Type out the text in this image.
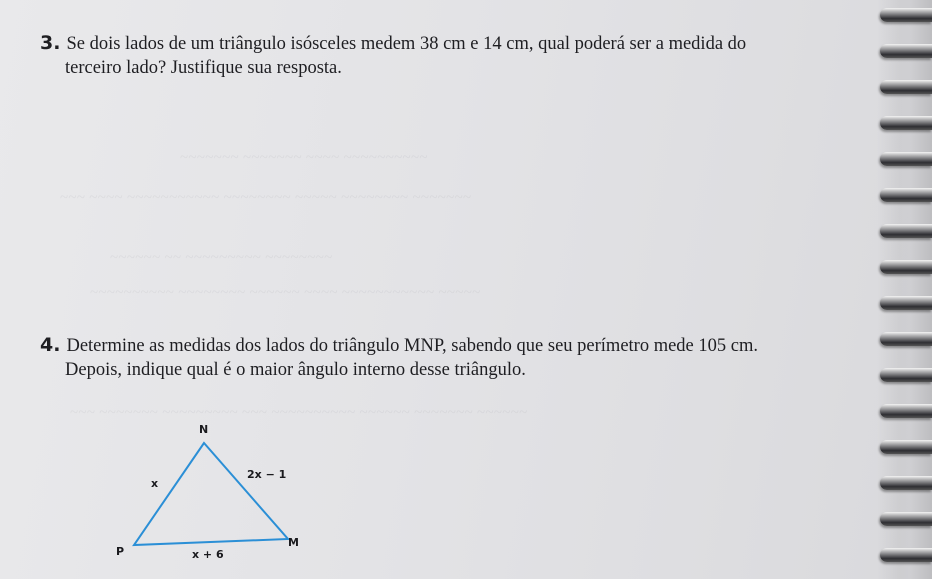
~~~~~~~ ~~~~~~~ ~~~~ ~~~~~~~~~~
~~~ ~~~~ ~~~~~~~~~~~ ~~~~~~~~ ~~~~~ ~~~~~~~~ ~~~~~~~
~~~~~~ ~~ ~~~~~~~~~ ~~~~~~~~
~~~~~~~~~~ ~~~~~~~~ ~~~~~~ ~~~~ ~~~~~~~~~~~ ~~~~~
~~~ ~~~~~~~ ~~~~~~~~~ ~~~ ~~~~~~~~~~ ~~~~~~ ~~~~~~~ ~~~~~~
3. Se dois lados de um triângulo isósceles medem 38 cm e 14 cm, qual poderá ser a medida do
terceiro lado? Justifique sua resposta.
4. Determine as medidas dos lados do triângulo MNP, sabendo que seu perímetro mede 105 cm.
Depois, indique qual é o maior ângulo interno desse triângulo.
N
P
M
x
2x − 1
x + 6
